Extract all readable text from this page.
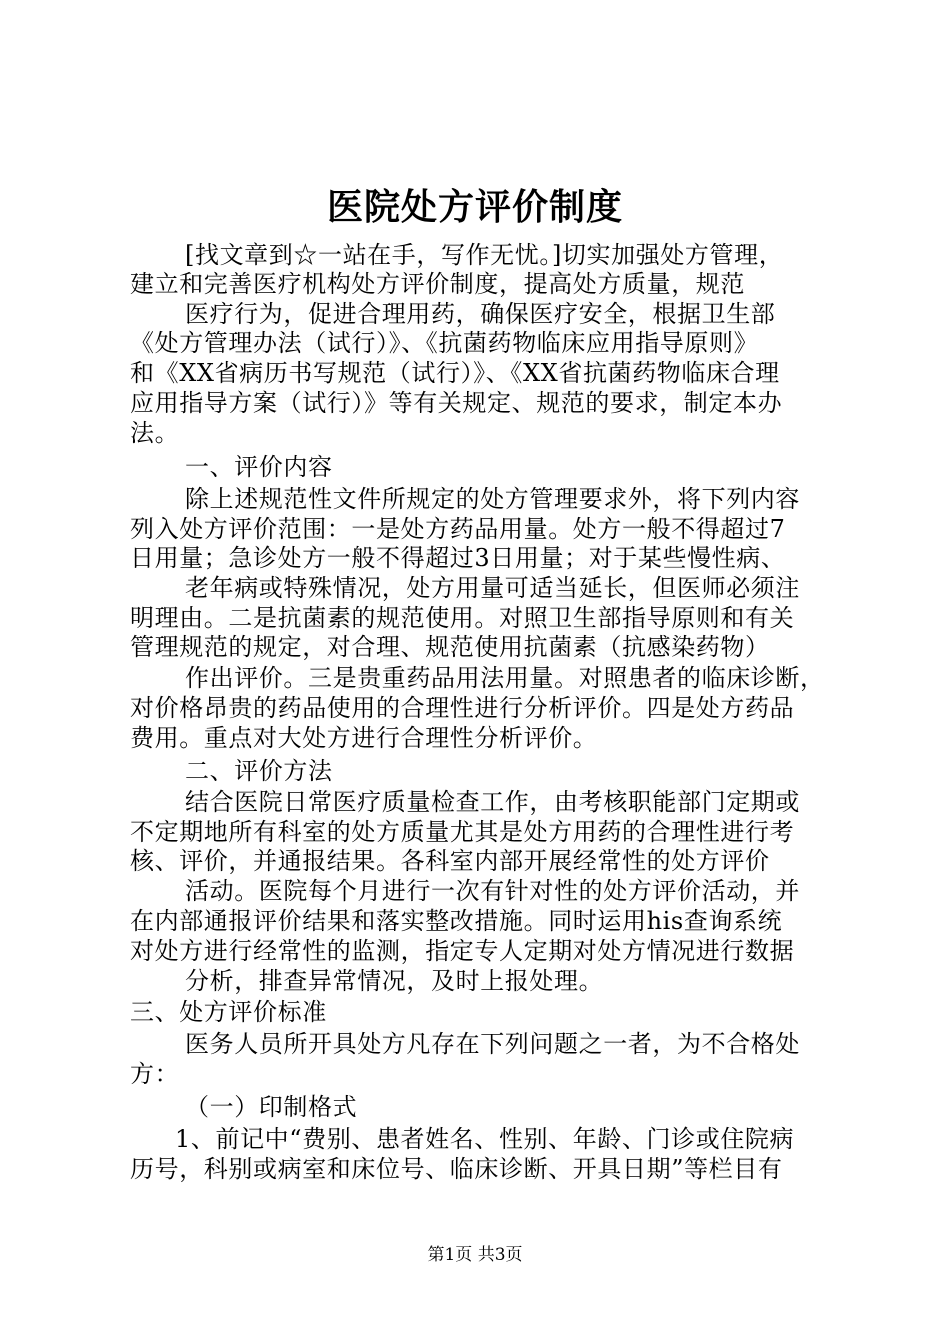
医院处方评价制度
[找文章到☆一站在手，写作无忧。]切实加强处方管理，
建立和完善医疗机构处方评价制度，提高处方质量，规范
医疗行为，促进合理用药，确保医疗安全，根据卫生部
《处方管理办法（试行）》、《抗菌药物临床应用指导原则》
和《XX省病历书写规范（试行）》、《XX省抗菌药物临床合理
应用指导方案（试行）》等有关规定、规范的要求，制定本办
法。
一、评价内容
除上述规范性文件所规定的处方管理要求外，将下列内容
列入处方评价范围：一是处方药品用量。处方一般不得超过7
日用量；急诊处方一般不得超过3日用量；对于某些慢性病、
老年病或特殊情况，处方用量可适当延长，但医师必须注
明理由。二是抗菌素的规范使用。对照卫生部指导原则和有关
管理规范的规定，对合理、规范使用抗菌素（抗感染药物）
作出评价。三是贵重药品用法用量。对照患者的临床诊断，
对价格昂贵的药品使用的合理性进行分析评价。四是处方药品
费用。重点对大处方进行合理性分析评价。
二、评价方法
结合医院日常医疗质量检查工作，由考核职能部门定期或
不定期地所有科室的处方质量尤其是处方用药的合理性进行考
核、评价，并通报结果。各科室内部开展经常性的处方评价
活动。医院每个月进行一次有针对性的处方评价活动，并
在内部通报评价结果和落实整改措施。同时运用his查询系统
对处方进行经常性的监测，指定专人定期对处方情况进行数据
分析，排查异常情况，及时上报处理。
三、处方评价标准
医务人员所开具处方凡存在下列问题之一者，为不合格处
方：
（一）印制格式
1、前记中“费别、患者姓名、性别、年龄、门诊或住院病
历号，科别或病室和床位号、临床诊断、开具日期”等栏目有
第1页 共3页
